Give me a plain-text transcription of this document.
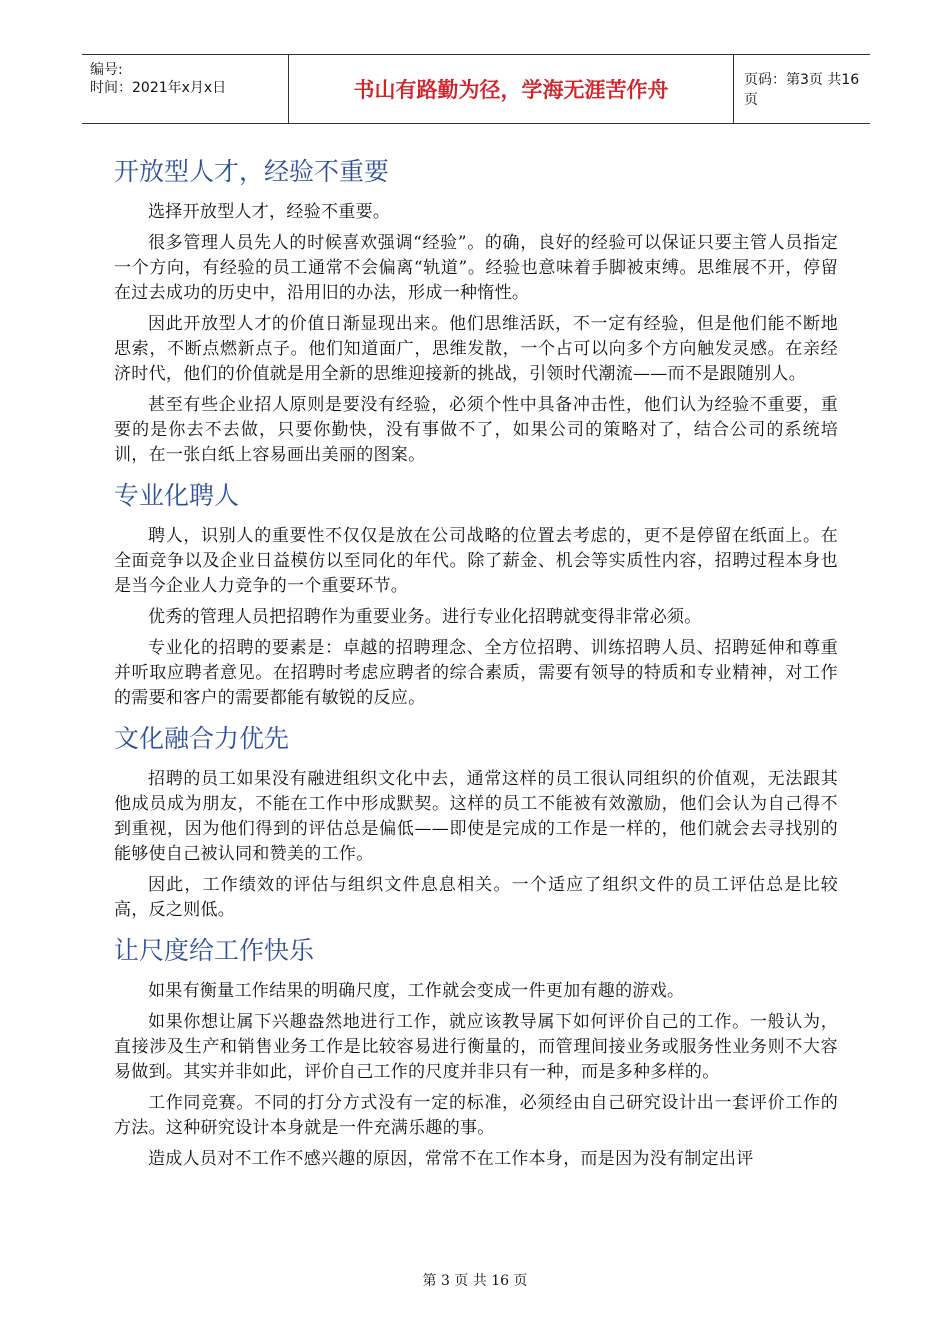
编号:
时间：2021年x月x日	书山有路勤为径，学海无涯苦作舟	页码：第3页 共16页
开放型人才，经验不重要

选择开放型人才，经验不重要。

很多管理人员先人的时候喜欢强调“经验”。的确，良好的经验可以保证只要主管人员指定一个方向，有经验的员工通常不会偏离“轨道”。经验也意味着手脚被束缚。思维展不开，停留在过去成功的历史中，沿用旧的办法，形成一种惰性。

因此开放型人才的价值日渐显现出来。他们思维活跃，不一定有经验，但是他们能不断地思索，不断点燃新点子。他们知道面广，思维发散，一个占可以向多个方向触发灵感。在亲经济时代，他们的价值就是用全新的思维迎接新的挑战，引领时代潮流——而不是跟随别人。

甚至有些企业招人原则是要没有经验，必须个性中具备冲击性，他们认为经验不重要，重要的是你去不去做，只要你勤快，没有事做不了，如果公司的策略对了，结合公司的系统培训，在一张白纸上容易画出美丽的图案。

专业化聘人

聘人，识别人的重要性不仅仅是放在公司战略的位置去考虑的，更不是停留在纸面上。在全面竞争以及企业日益模仿以至同化的年代。除了薪金、机会等实质性内容，招聘过程本身也是当今企业人力竞争的一个重要环节。

优秀的管理人员把招聘作为重要业务。进行专业化招聘就变得非常必须。

专业化的招聘的要素是：卓越的招聘理念、全方位招聘、训练招聘人员、招聘延伸和尊重并听取应聘者意见。在招聘时考虑应聘者的综合素质，需要有领导的特质和专业精神，对工作的需要和客户的需要都能有敏锐的反应。

文化融合力优先

招聘的员工如果没有融进组织文化中去，通常这样的员工很认同组织的价值观，无法跟其他成员成为朋友，不能在工作中形成默契。这样的员工不能被有效激励，他们会认为自己得不到重视，因为他们得到的评估总是偏低——即使是完成的工作是一样的，他们就会去寻找别的能够使自己被认同和赞美的工作。

因此，工作绩效的评估与组织文件息息相关。一个适应了组织文件的员工评估总是比较高，反之则低。

让尺度给工作快乐

如果有衡量工作结果的明确尺度，工作就会变成一件更加有趣的游戏。

如果你想让属下兴趣盎然地进行工作，就应该教导属下如何评价自己的工作。一般认为，直接涉及生产和销售业务工作是比较容易进行衡量的，而管理间接业务或服务性业务则不大容易做到。其实并非如此，评价自己工作的尺度并非只有一种，而是多种多样的。

工作同竞赛。不同的打分方式没有一定的标准，必须经由自己研究设计出一套评价工作的方法。这种研究设计本身就是一件充满乐趣的事。

造成人员对不工作不感兴趣的原因，常常不在工作本身，而是因为没有制定出评

第 3 页 共 16 页
